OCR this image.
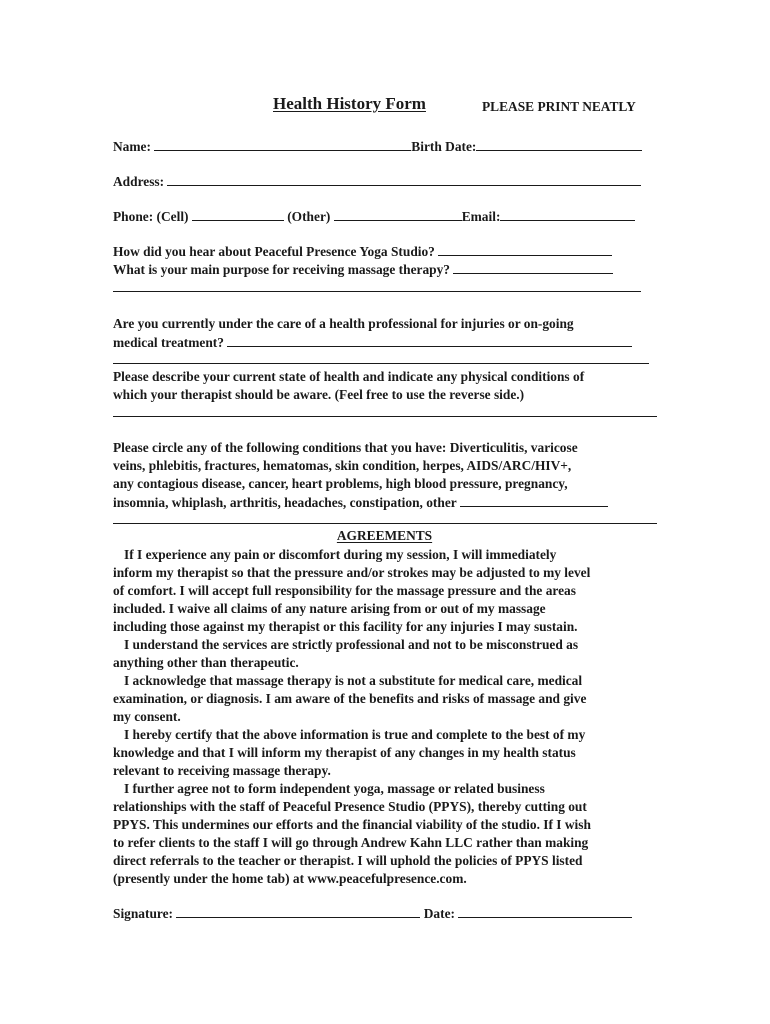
Health History Form	PLEASE PRINT NEATLY
Name:	Birth Date:
Address:
Phone: (Cell)	(Other)	Email:
How did you hear about Peaceful Presence Yoga Studio?
What is your main purpose for receiving massage therapy?
Are you currently under the care of a health professional for injuries or on-going
medical treatment?
Please describe your current state of health and indicate any physical conditions of
which your therapist should be aware. (Feel free to use the reverse side.)
Please circle any of the following conditions that you have: Diverticulitis, varicose
veins, phlebitis, fractures, hematomas, skin condition, herpes, AIDS/ARC/HIV+,
any contagious disease, cancer, heart problems, high blood pressure, pregnancy,
insomnia, whiplash, arthritis, headaches, constipation, other
AGREEMENTS
If I experience any pain or discomfort during my session, I will immediately
inform my therapist so that the pressure and/or strokes may be adjusted to my level
of comfort. I will accept full responsibility for the massage pressure and the areas
included. I waive all claims of any nature arising from or out of my massage
including those against my therapist or this facility for any injuries I may sustain.
I understand the services are strictly professional and not to be misconstrued as
anything other than therapeutic.
I acknowledge that massage therapy is not a substitute for medical care, medical
examination, or diagnosis. I am aware of the benefits and risks of massage and give
my consent.
I hereby certify that the above information is true and complete to the best of my
knowledge and that I will inform my therapist of any changes in my health status
relevant to receiving massage therapy.
I further agree not to form independent yoga, massage or related business
relationships with the staff of Peaceful Presence Studio (PPYS), thereby cutting out
PPYS. This undermines our efforts and the financial viability of the studio. If I wish
to refer clients to the staff I will go through Andrew Kahn LLC rather than making
direct referrals to the teacher or therapist. I will uphold the policies of PPYS listed
(presently under the home tab) at www.peacefulpresence.com.
Signature:	Date:
